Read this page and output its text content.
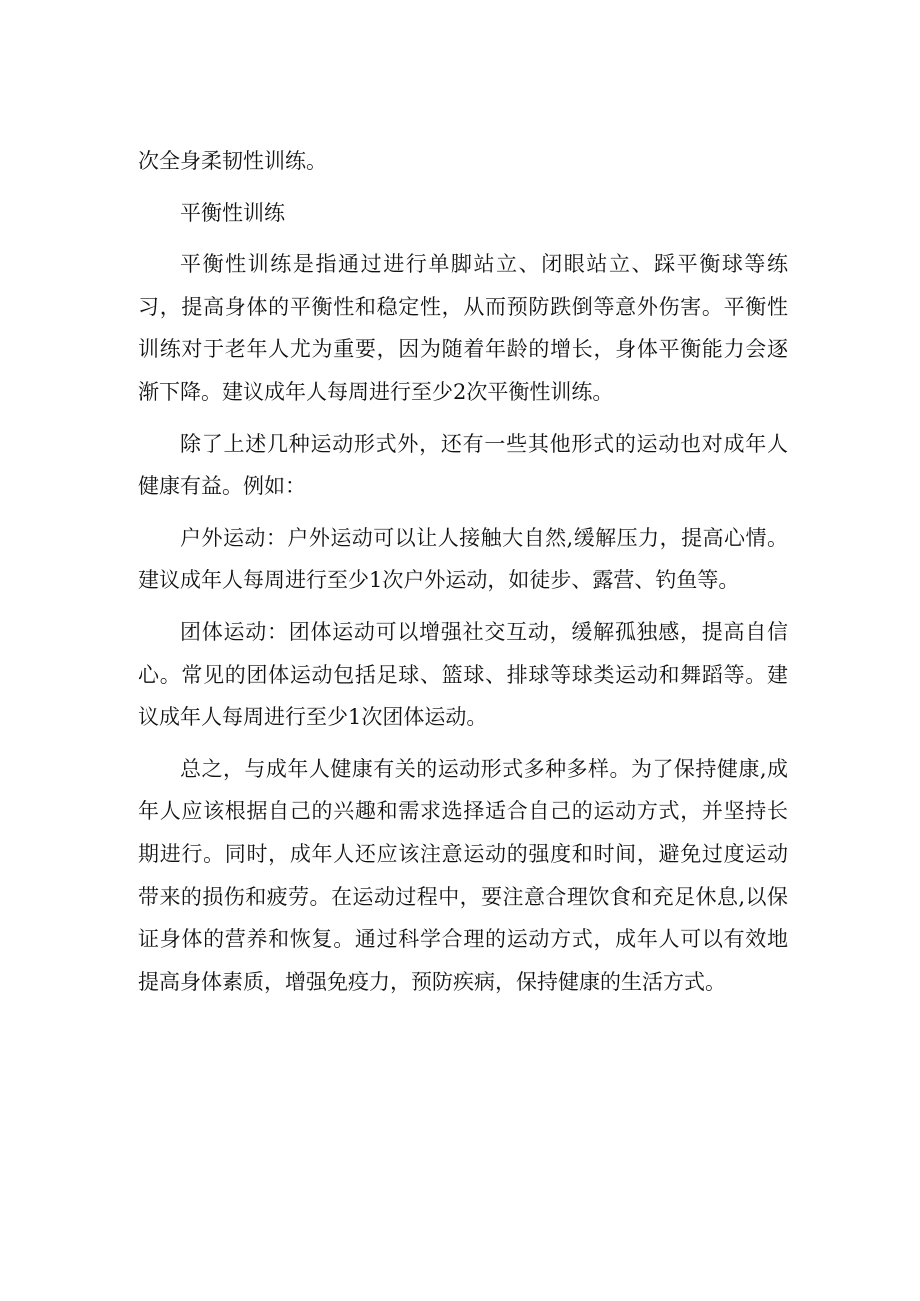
次全身柔韧性训练。

平衡性训练

平衡性训练是指通过进行单脚站立、闭眼站立、踩平衡球等练习，提高身体的平衡性和稳定性，从而预防跌倒等意外伤害。平衡性训练对于老年人尤为重要，因为随着年龄的增长，身体平衡能力会逐渐下降。建议成年人每周进行至少2次平衡性训练。

除了上述几种运动形式外，还有一些其他形式的运动也对成年人健康有益。例如：

户外运动：户外运动可以让人接触大自然,缓解压力，提高心情。建议成年人每周进行至少1次户外运动，如徒步、露营、钓鱼等。

团体运动：团体运动可以增强社交互动，缓解孤独感，提高自信心。常见的团体运动包括足球、篮球、排球等球类运动和舞蹈等。建议成年人每周进行至少1次团体运动。

总之，与成年人健康有关的运动形式多种多样。为了保持健康,成年人应该根据自己的兴趣和需求选择适合自己的运动方式，并坚持长期进行。同时，成年人还应该注意运动的强度和时间，避免过度运动带来的损伤和疲劳。在运动过程中，要注意合理饮食和充足休息,以保证身体的营养和恢复。通过科学合理的运动方式，成年人可以有效地提高身体素质，增强免疫力，预防疾病，保持健康的生活方式。
